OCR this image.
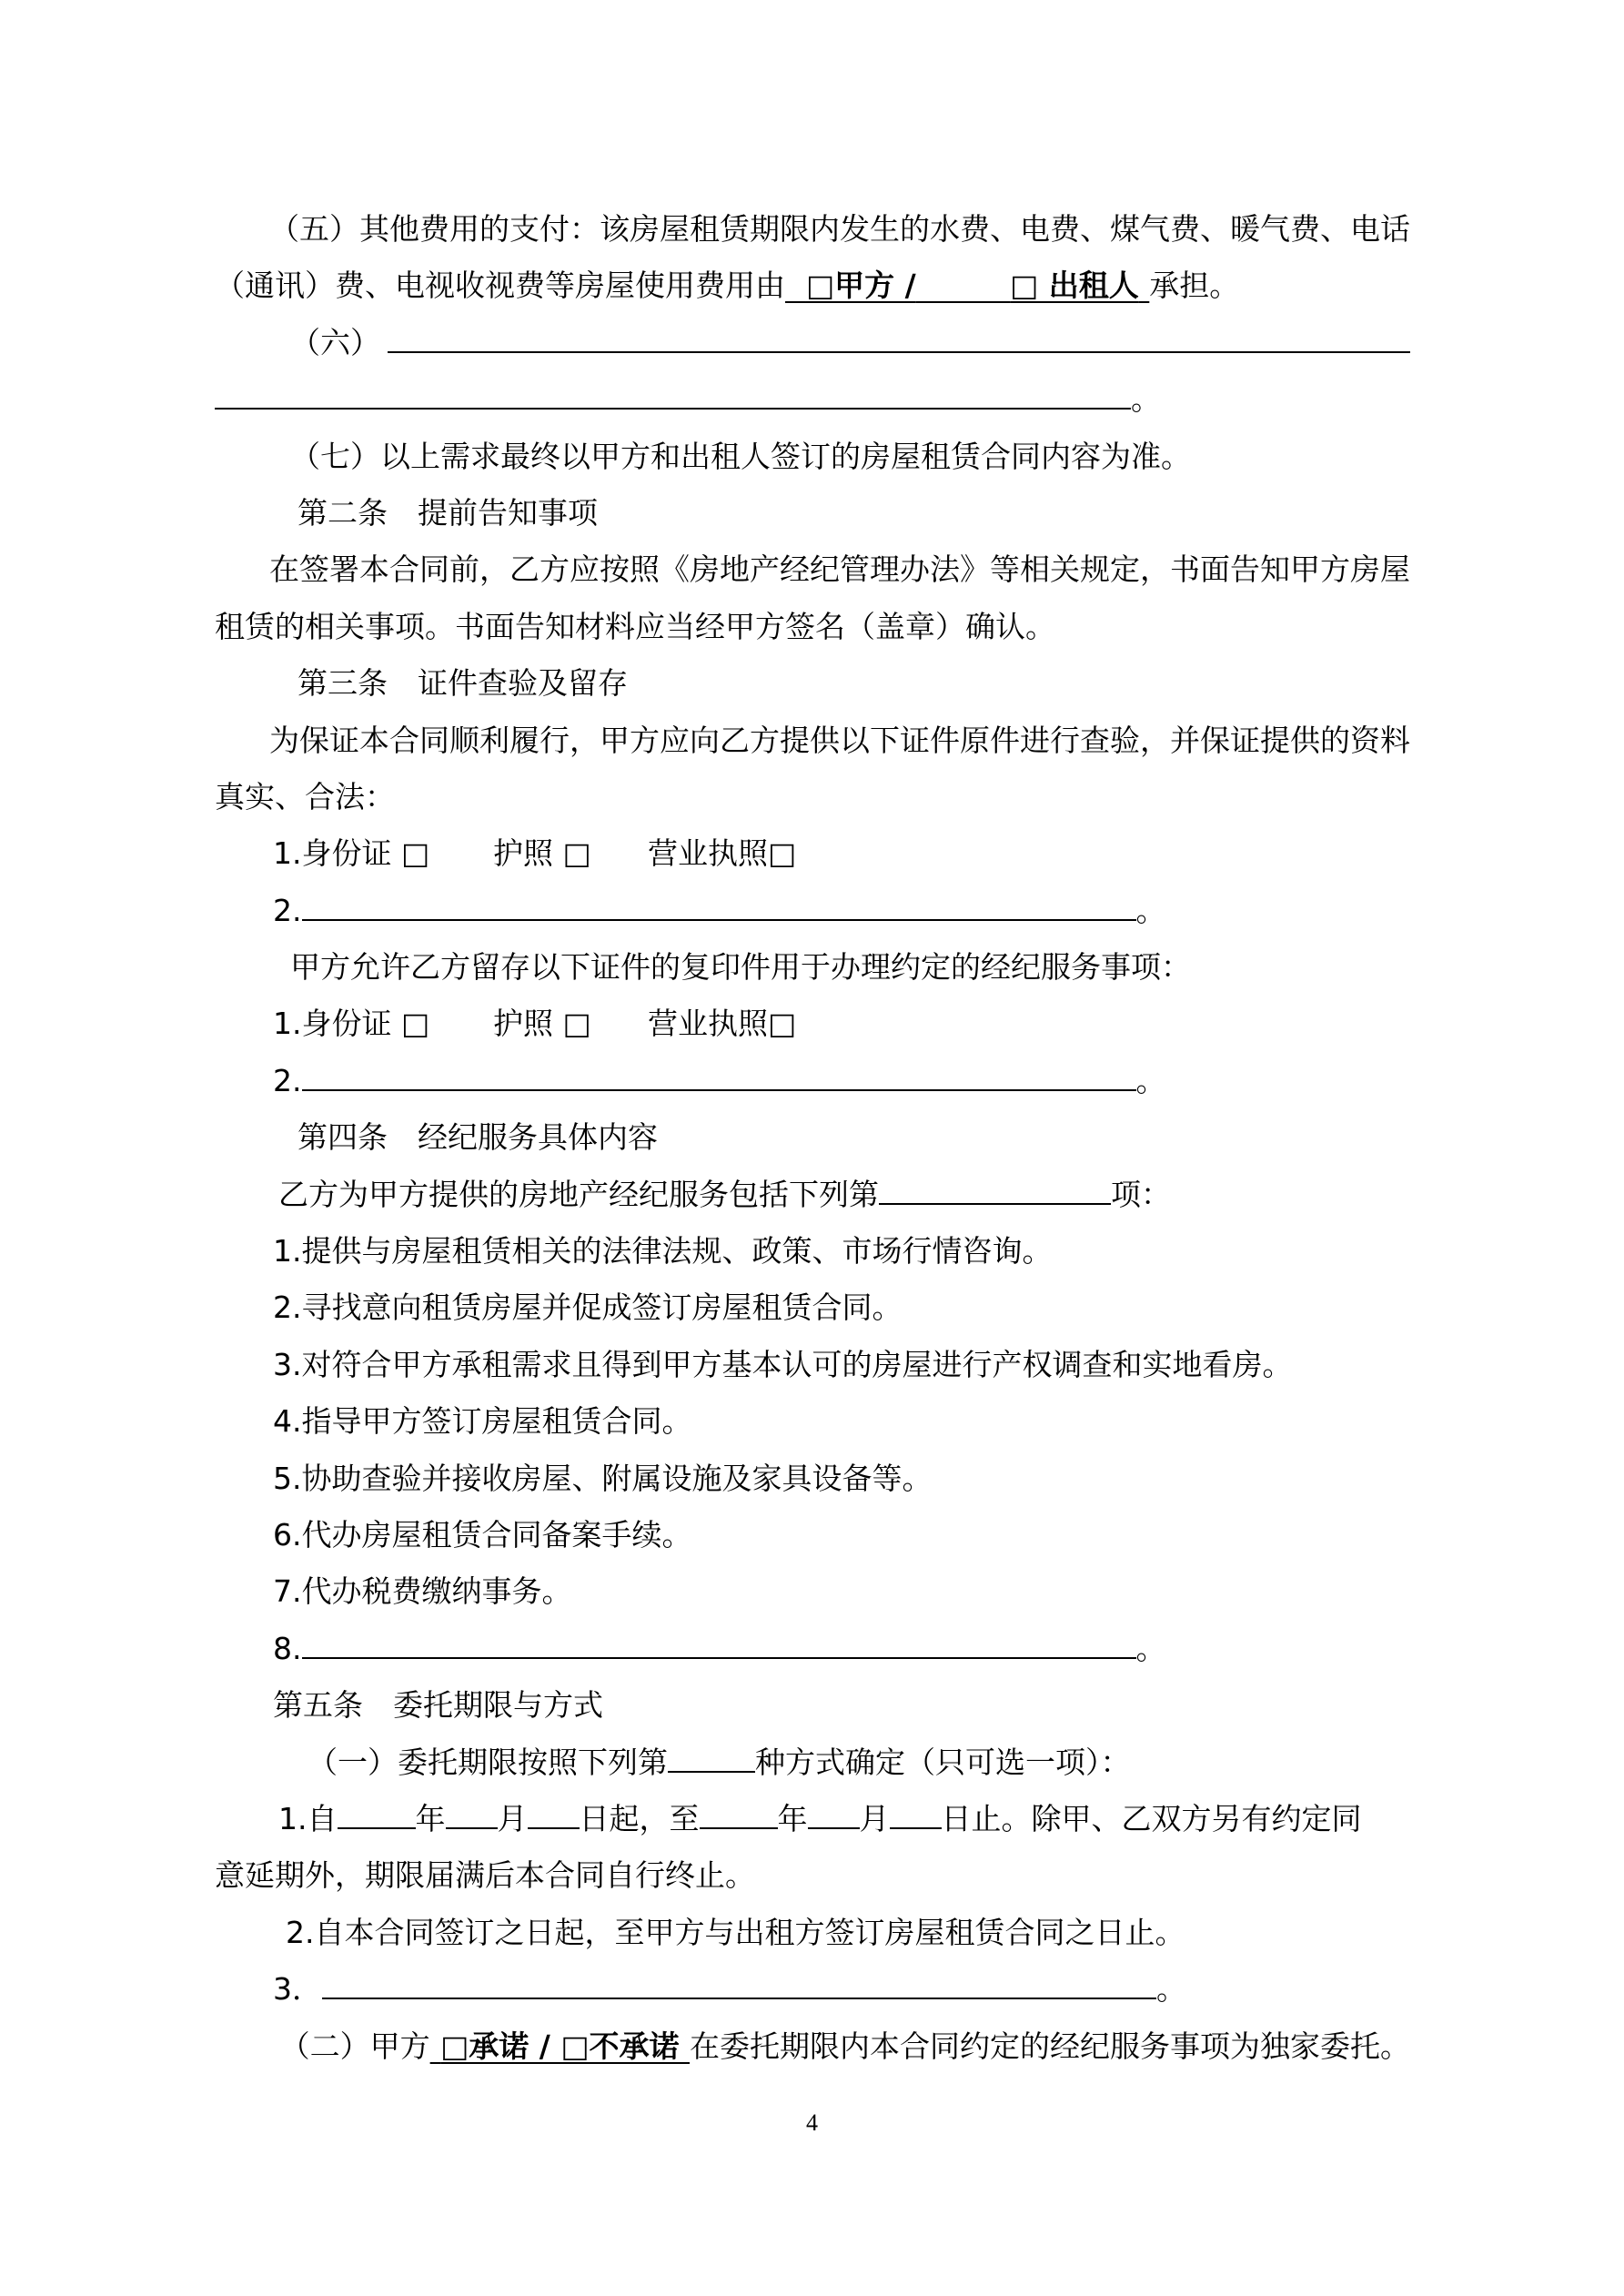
（五）其他费用的支付：该房屋租赁期限内发生的水费、电费、煤气费、暖气费、电话
（通讯）费、电视收视费等房屋使用费用由 □甲方 /	□ 出租人 承担。
（六）
。
（七）以上需求最终以甲方和出租人签订的房屋租赁合同内容为准。
第二条　提前告知事项
在签署本合同前，乙方应按照《房地产经纪管理办法》等相关规定，书面告知甲方房屋
租赁的相关事项。书面告知材料应当经甲方签名（盖章）确认。
第三条　证件查验及留存
为保证本合同顺利履行，甲方应向乙方提供以下证件原件进行查验，并保证提供的资料
真实、合法：
1.身份证 □	护照 □	营业执照□
2.	。
甲方允许乙方留存以下证件的复印件用于办理约定的经纪服务事项：
1.身份证 □	护照 □	营业执照□
2.	。
第四条　经纪服务具体内容
乙方为甲方提供的房地产经纪服务包括下列第	项：
1.提供与房屋租赁相关的法律法规、政策、市场行情咨询。
2.寻找意向租赁房屋并促成签订房屋租赁合同。
3.对符合甲方承租需求且得到甲方基本认可的房屋进行产权调查和实地看房。
4.指导甲方签订房屋租赁合同。
5.协助查验并接收房屋、附属设施及家具设备等。
6.代办房屋租赁合同备案手续。
7.代办税费缴纳事务。
8.	。
第五条　委托期限与方式
（一）委托期限按照下列第	种方式确定（只可选一项）：
1.自	年 月 日起，至	年 月 日止。除甲、乙双方另有约定同
意延期外，期限届满后本合同自行终止。
2.自本合同签订之日起，至甲方与出租方签订房屋租赁合同之日止。
3．	。
（二）甲方 □承诺 / □不承诺 在委托期限内本合同约定的经纪服务事项为独家委托。
4
